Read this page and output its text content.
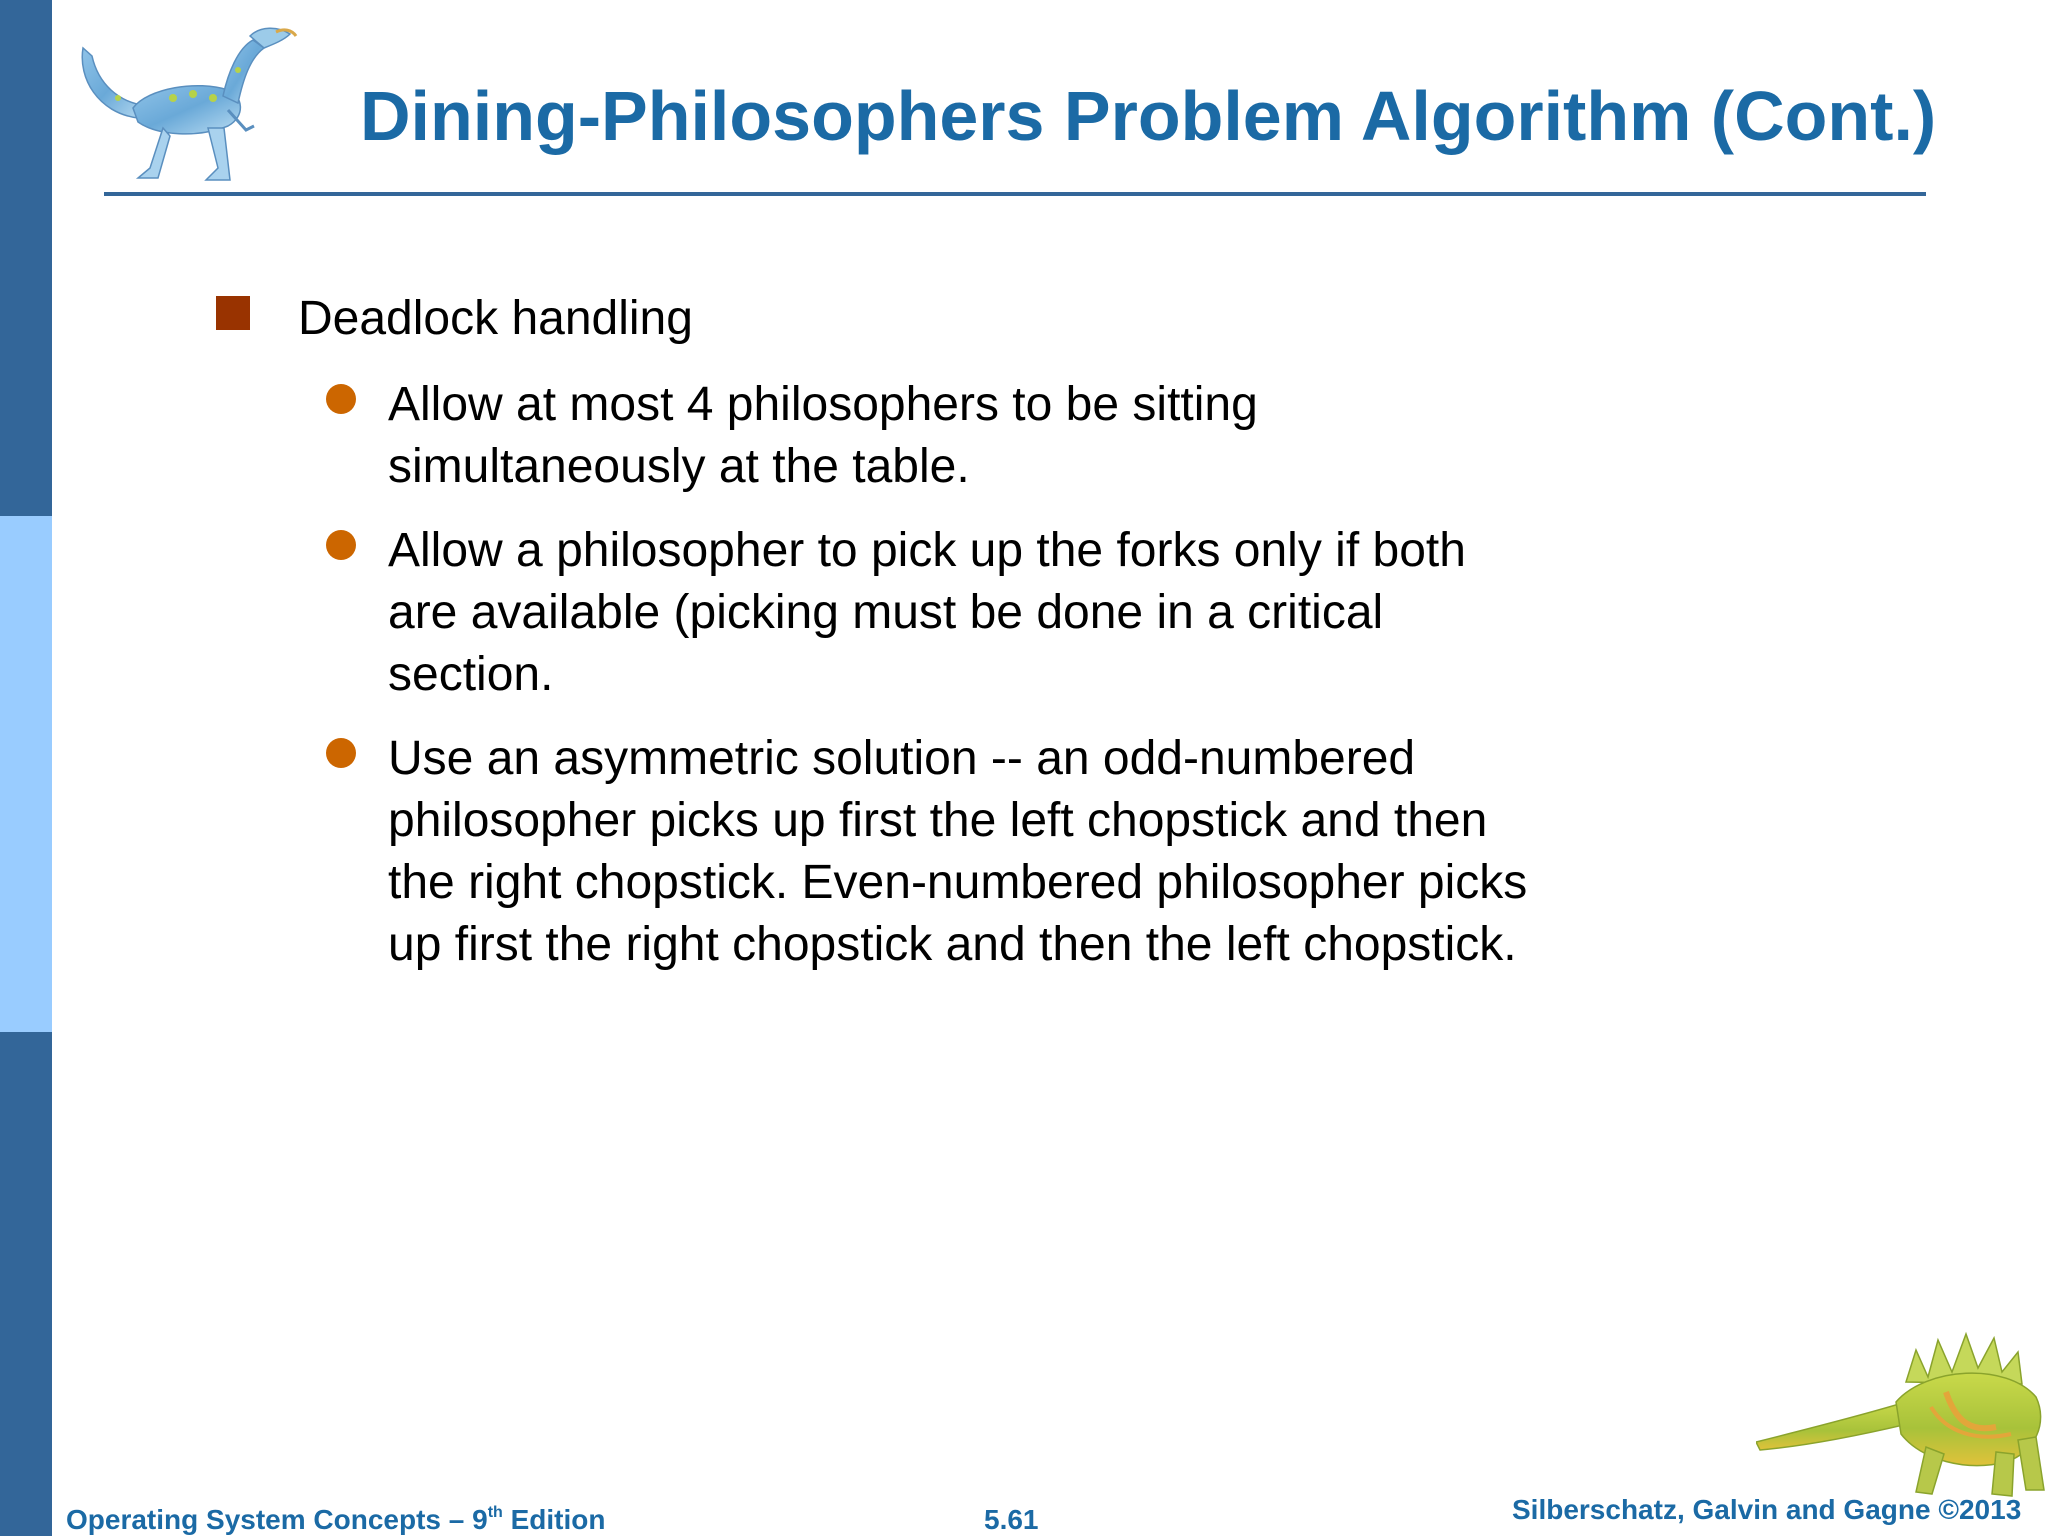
Dining-Philosophers Problem Algorithm (Cont.)
Deadlock handling
Allow at most 4 philosophers to be sitting
simultaneously at the table.
Allow a philosopher to pick up the forks only if both
are available (picking must be done in a critical
section.
Use an asymmetric solution -- an odd-numbered
philosopher picks up first the left chopstick and then
the right chopstick. Even-numbered philosopher picks
up first the right chopstick and then the left chopstick.
Operating System Concepts – 9th Edition	5.61	Silberschatz, Galvin and Gagne ©2013
